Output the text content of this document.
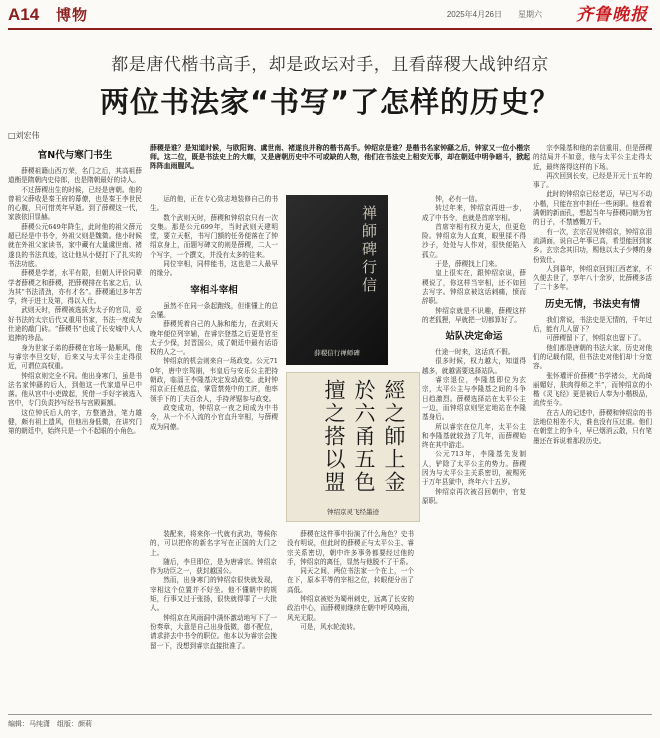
A14 博物	2025年4月26日 星期六 齐鲁晚报
都是唐代楷书高手，却是政坛对手，且看薛稷大战钟绍京
两位书法家“书写”了怎样的历史？
□刘宏伟
薛稷是谁？是知道时候，与欧阳询、虞世南、褚遂良并称的楷书高手。钟绍京是谁？是楷书名家钟繇之后，钟家又一位小楷宗师。这二位，既是书法史上的大咖，又是唐朝历史中不可或缺的人物，他们在书法史上相安无事，却在朝廷中明争暗斗，掀起阵阵血雨腥风。
官N代与寒门书生

薛稷祖籍山西万荣，名门之后，其高祖薛道衡是隋朝内史侍郎，也是隋朝最好的诗人。

不过薛稷出生的时候，已经是唐朝。他的曾祖父薛收是秦王府的幕僚，也是秦王李世民的心腹，只可惜英年早逝。到了薛稷这一代，家族依旧显赫。

薛稷公元649年降生，此时他的祖父薛元超已经是中书令，外祖父则是魏徵。他小时候就在外祖父家读书，家中藏有大量虞世南、褚遂良的书法真迹，这让他从小便打下了扎实的书法功底。

薛稷是学者，水平有限，但朝人评价同辈学者薛稷之和薛稷，把薛稷排在名家之后，认为其“书法清劲，亦有才名”。薛稷通过多年苦学，终于进士及第，得以入仕。

武则天时，薛稷被选拔为太子的官员，爱好书法的太宗后代又重用书家，书法一度成为仕途的敲门砖。“薛稷书”也成了长安城中人人追捧的珍品。

身为世家子弟的薛稷在官场一路顺风，他与睿宗李旦交好，后来又与太平公主走得很近，可谓位高权重。

钟绍京则完全不同。他出身寒门，虽是书法名家钟繇的后人，到他这一代家道早已中落。他从宫中小吏做起，凭借一手好字被选入宫中，专门负责抄写经书与宫殿匾额。

这位钟氏后人的字，方整遒劲，笔力雄健，颇有祖上遗风，但他出身低微，在讲究门第的朝廷中，始终只是一个不起眼的小角色。

运的他，正在专心致志地装修自己的书生。

数个武则天时，薛稷和钟绍京只有一次交集。那是公元699年，当时武则天建明堂，要立天枢，书写门额的任务便落在了钟绍京身上，而题写碑文的则是薛稷，二人一个写字，一个撰文，并没有太多的往来。

同位宰相，同样能书，这也是二人最早的缘分。

宰相斗宰相

虽然不在同一条起跑线，但谁懂上的总会懂。

薛稷凭着自己的人脉和能力，在武则天晚年便位列宰辅，在睿宗登基之后更是官至太子少保，封晋国公，成了朝廷中最有话语权的人之一。

钟绍京的机会则来自一场政变。公元710年，唐中宗驾崩，韦皇后与安乐公主把持朝政，临淄王李隆基决定发动政变。此时钟绍京正任苑总监，掌管禁苑中的工匠，他率领手下的丁夫百余人，手持斧锯参与政变。

政变成功，钟绍京一夜之间成为中书令，从一个不入流的小官直升宰相，与薛稷成为同僚。

禅師碑行信
薛稷信行禅师碑
經之師上金 於六甬五色 擅之搭以盟
钟绍京灵飞经墨迹

装配来，将来你一代就有武功，等候你的，可以把你的新名字写在正国的大门之上。

随后，李旦即位，是为唐睿宗。钟绍京作为功臣之一，获封越国公。

然而，出身寒门的钟绍京很快就发现，宰相这个位置并不好坐。他不懂朝中的规矩，行事又过于张扬，很快就得罪了一大批人。

钟绍京在风雨洞中满怀激动地写下了一份奏章，大意是自己出身低微，德不配位，请求辞去中书令的职位。他本以为睿宗会挽留一下，没想到睿宗直接批准了。

薛稷在这件事中扮演了什么角色？史书没有明说，但此时的薛稷正与太平公主、睿宗关系密切，朝中许多事务都要经过他的手，钟绍京的离任，显然与他脱不了干系。

同天之间，两位书法家一个在上，一个在下，原本平等的宰相之位，转眼便分出了高低。

钟绍京被贬为蜀州刺史，远离了长安的政治中心，而薛稷则继续在朝中呼风唤雨，风光无限。

可是，风水轮流转。

钟，必有一信。

转过年来，钟绍京再进一步，成了中书令，也就是首席宰相。

首席宰相有权力更大，但更危险。钟绍京为人直爽，眼里揉不得沙子，处处与人作对，很快便陷入孤立。

于是，薛稷找上门来。

皇上很实在，跟钟绍京说，薛稷说了，你这样当宰相，还不如回去写字。钟绍京被这话刺痛，愤而辞职。

钟绍京就是不识趣，薛稷这样的老狐狸，早就把一切都算好了。

站队决定命运

仕途一时来，这话真不假。

很多时候，权力越大，知道得越多，就越需要选择站队。

睿宗退位，李隆基即位为玄宗，太平公主与李隆基之间的斗争日趋激烈。薛稷选择站在太平公主一边，而钟绍京则坚定地站在李隆基身后。

所以睿宗在位几年，太平公主和李隆基就较劲了几年，而薛稷始终在其中游走。

公元713年，李隆基先发制人，铲除了太平公主的势力。薛稷因为与太平公主关系密切，被赐死于万年县狱中，终年六十五岁。

钟绍京再次被召回朝中，官复原职。

宗李隆基和他的亲信重用，但是薛稷的结局并不如意，他与太平公主走得太近，最终落得这样的下场。

再次回到长安，已经是开元十五年的事了。

此时的钟绍京已经老迈，早已写不动小楷，只能在宫中担任一些闲职。他看着满朝的新面孔，想起当年与薛稷同朝为官的日子，不禁感慨万千。

有一次，玄宗召见钟绍京，钟绍京泪流满面，说自己年事已高，希望能回到家乡。玄宗念其旧功，赐他以太子少傅的身份致仕。

人到暮年，钟绍京回到江西老家，不久便去世了，享年八十余岁，比薛稷多活了二十多年。

历史无情，书法史有情

我们常说，书法史是无情的，千年过后，能有几人留下？

可薛稷留下了，钟绍京也留下了。

他们都是唐朝的书法大家，历史对他们的记载有限，但书法史对他们却十分宽容。

张怀瓘评价薛稷“书学褚公，尤尚绮丽媚好，肤肉得师之半”，而钟绍京的小楷《灵飞经》更是被后人奉为小楷极品，流传至今。

在古人的记述中，薛稷和钟绍京的书法地位相差不大，谁也没有压过谁。他们在朝堂上的争斗，早已烟消云散，只有笔墨还在诉说着那段历史。

编辑：马纯潇　组版：颜莉
